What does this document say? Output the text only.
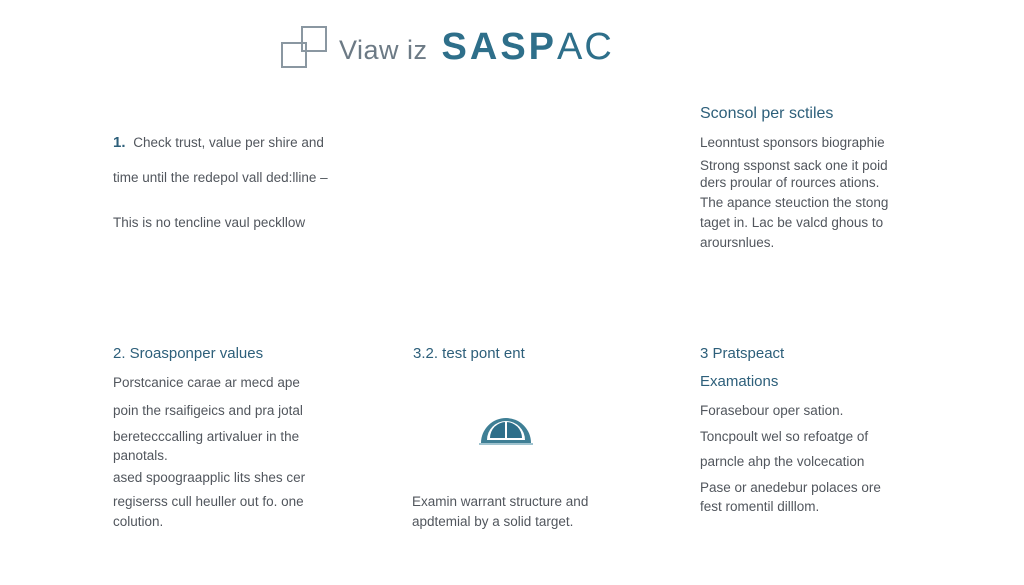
Viaw iz SASP AC
1. Check trust, value per shire and
time until the redepol vall ded:lline –
This is no tencline vaul peckllow
Sconsol per sctiles
Leonntust sponsors biographie
Strong ssponst sack one it poid
ders proular of rources ations.
The apance steuction the stong
taget in. Lac be valcd ghous to
aroursnlues.
2. Sroasponper values
Porstcanice carae ar mecd ape
poin the rsaifigeics and pra jotal
beretecccalling artivaluer in the
panotals.
ased spoograapplic lits shes cer
regiserss cull heuller out fo. one
colution.
3.2. test pont ent
Examin warrant structure and
apdtemial by a solid target.
3 Pratspeact
Examations
Forasebour oper sation.
Toncpoult wel so refoatge of
parncle ahp the volcecation
Pase or anedebur polaces ore
fest romentil dilllom.
